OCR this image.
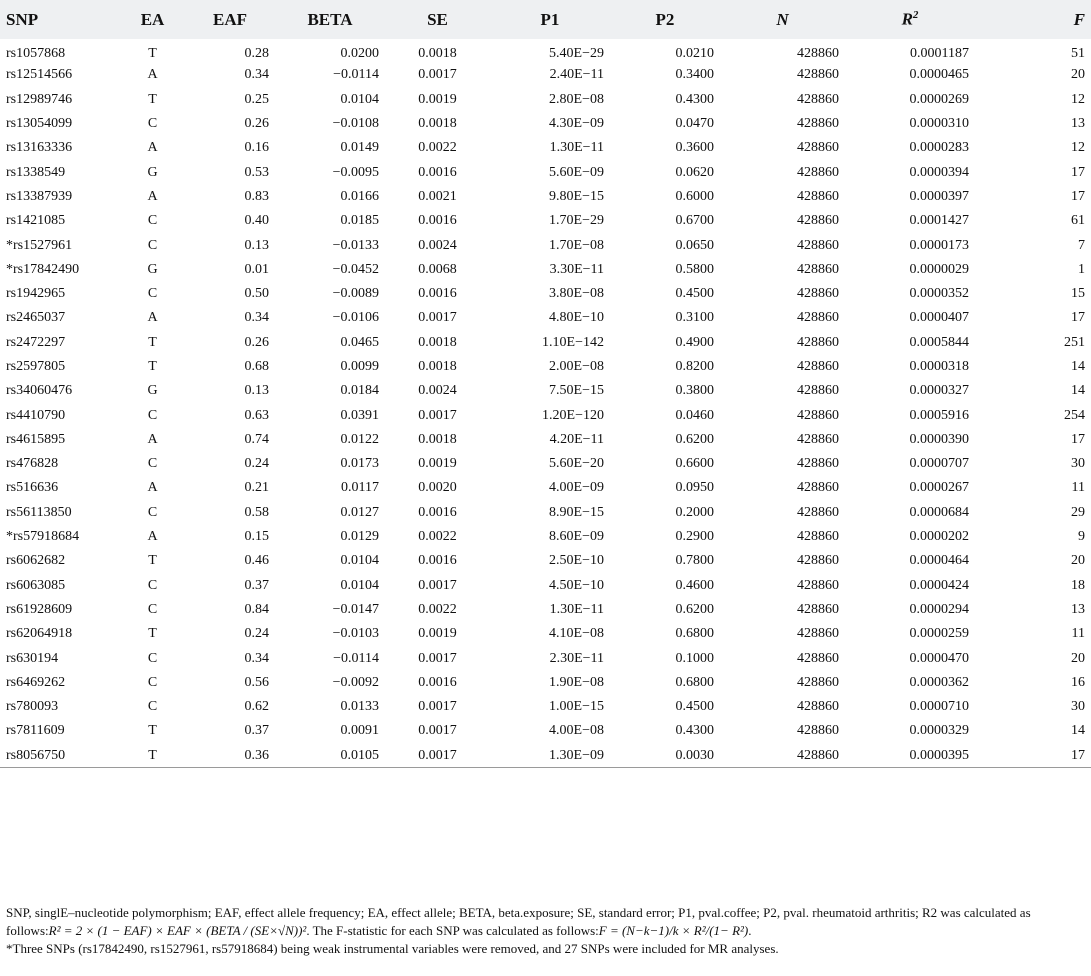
SNP	EA	EAF	BETA	SE	P1	P2	N	$R^2$	F
rs1057868	T	0.28	0.0200	0.0018	5.40E−29	0.0210	428860	0.0001187	51
rs12514566	A	0.34	−0.0114	0.0017	2.40E−11	0.3400	428860	0.0000465	20
rs12989746	T	0.25	0.0104	0.0019	2.80E−08	0.4300	428860	0.0000269	12
rs13054099	C	0.26	−0.0108	0.0018	4.30E−09	0.0470	428860	0.0000310	13
rs13163336	A	0.16	0.0149	0.0022	1.30E−11	0.3600	428860	0.0000283	12
rs1338549	G	0.53	−0.0095	0.0016	5.60E−09	0.0620	428860	0.0000394	17
rs13387939	A	0.83	0.0166	0.0021	9.80E−15	0.6000	428860	0.0000397	17
rs1421085	C	0.40	0.0185	0.0016	1.70E−29	0.6700	428860	0.0001427	61
*rs1527961	C	0.13	−0.0133	0.0024	1.70E−08	0.0650	428860	0.0000173	7
*rs17842490	G	0.01	−0.0452	0.0068	3.30E−11	0.5800	428860	0.0000029	1
rs1942965	C	0.50	−0.0089	0.0016	3.80E−08	0.4500	428860	0.0000352	15
rs2465037	A	0.34	−0.0106	0.0017	4.80E−10	0.3100	428860	0.0000407	17
rs2472297	T	0.26	0.0465	0.0018	1.10E−142	0.4900	428860	0.0005844	251
rs2597805	T	0.68	0.0099	0.0018	2.00E−08	0.8200	428860	0.0000318	14
rs34060476	G	0.13	0.0184	0.0024	7.50E−15	0.3800	428860	0.0000327	14
rs4410790	C	0.63	0.0391	0.0017	1.20E−120	0.0460	428860	0.0005916	254
rs4615895	A	0.74	0.0122	0.0018	4.20E−11	0.6200	428860	0.0000390	17
rs476828	C	0.24	0.0173	0.0019	5.60E−20	0.6600	428860	0.0000707	30
rs516636	A	0.21	0.0117	0.0020	4.00E−09	0.0950	428860	0.0000267	11
rs56113850	C	0.58	0.0127	0.0016	8.90E−15	0.2000	428860	0.0000684	29
*rs57918684	A	0.15	0.0129	0.0022	8.60E−09	0.2900	428860	0.0000202	9
rs6062682	T	0.46	0.0104	0.0016	2.50E−10	0.7800	428860	0.0000464	20
rs6063085	C	0.37	0.0104	0.0017	4.50E−10	0.4600	428860	0.0000424	18
rs61928609	C	0.84	−0.0147	0.0022	1.30E−11	0.6200	428860	0.0000294	13
rs62064918	T	0.24	−0.0103	0.0019	4.10E−08	0.6800	428860	0.0000259	11
rs630194	C	0.34	−0.0114	0.0017	2.30E−11	0.1000	428860	0.0000470	20
rs6469262	C	0.56	−0.0092	0.0016	1.90E−08	0.6800	428860	0.0000362	16
rs780093	C	0.62	0.0133	0.0017	1.00E−15	0.4500	428860	0.0000710	30
rs7811609	T	0.37	0.0091	0.0017	4.00E−08	0.4300	428860	0.0000329	14
rs8056750	T	0.36	0.0105	0.0017	1.30E−09	0.0030	428860	0.0000395	17

SNP, singlE–nucleotide polymorphism; EAF, effect allele frequency; EA, effect allele; BETA, beta.exposure; SE, standard error; P1, pval.coffee; P2, pval. rheumatoid arthritis; R2 was calculated as follows:R² = 2 × (1 − EAF) × EAF × (BETA / (SE×√N))². The F-statistic for each SNP was calculated as follows:F = (N−k−1)/k × R²/(1− R²).

*Three SNPs (rs17842490, rs1527961, rs57918684) being weak instrumental variables were removed, and 27 SNPs were included for MR analyses.
